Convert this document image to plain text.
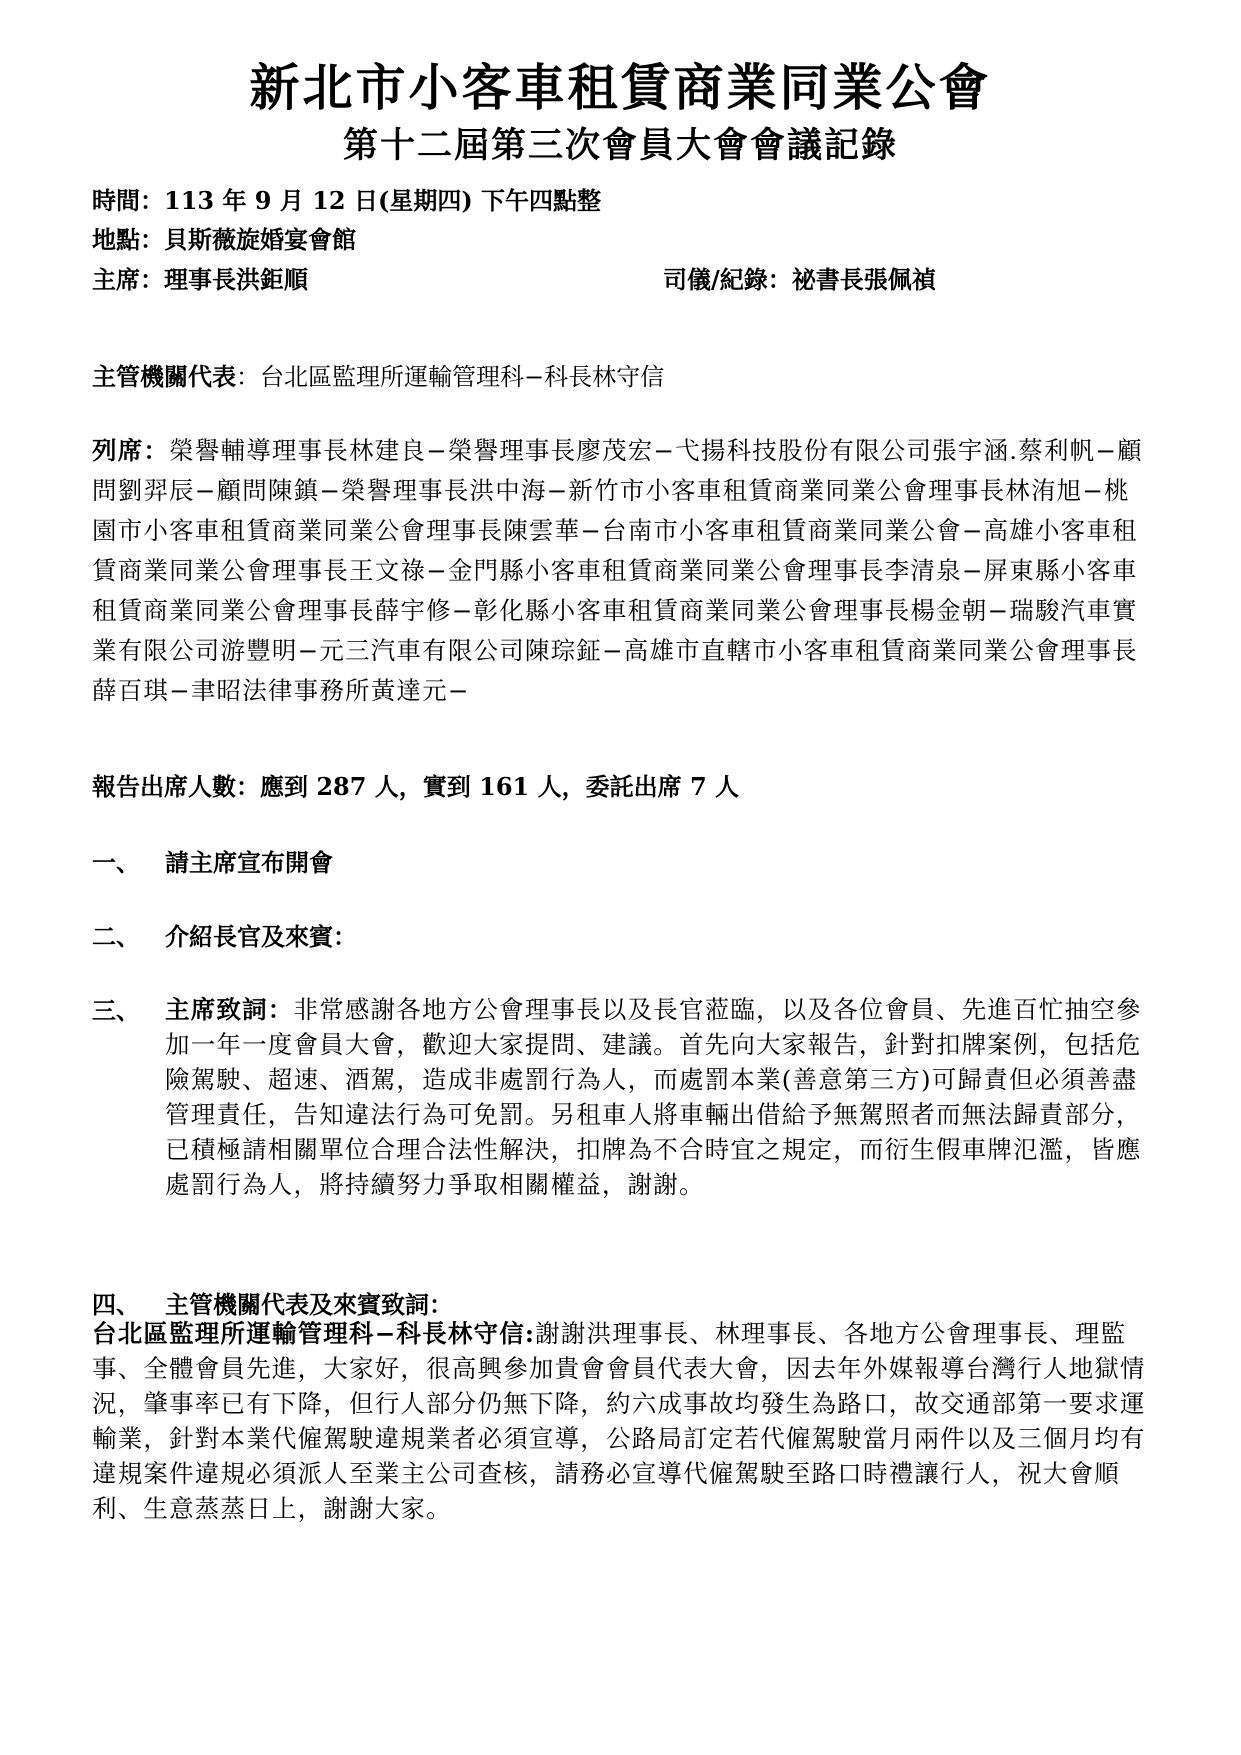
新北市小客車租賃商業同業公會
第十二屆第三次會員大會會議記錄
時間：113 年 9 月 12 日(星期四) 下午四點整
地點：貝斯薇旋婚宴會館
主席：理事長洪鉅順	司儀/紀錄：祕書長張佩禎
主管機關代表：台北區監理所運輸管理科−科長林守信
列席：榮譽輔導理事長林建良−榮譽理事長廖茂宏−弋揚科技股份有限公司張宇涵.蔡利帆−顧問劉羿辰−顧問陳鎮−榮譽理事長洪中海−新竹市小客車租賃商業同業公會理事長林洧旭−桃園市小客車租賃商業同業公會理事長陳雲華−台南市小客車租賃商業同業公會−高雄小客車租賃商業同業公會理事長王文祿−金門縣小客車租賃商業同業公會理事長李清泉−屏東縣小客車租賃商業同業公會理事長薛宇修−彰化縣小客車租賃商業同業公會理事長楊金朝−瑞駿汽車實業有限公司游豐明−元三汽車有限公司陳琮鉦−高雄市直轄市小客車租賃商業同業公會理事長薛百琪−聿昭法律事務所黃達元−
報告出席人數：應到 287 人，實到 161 人，委託出席 7 人
一、 請主席宣布開會
二、 介紹長官及來賓：
三、 主席致詞：非常感謝各地方公會理事長以及長官蒞臨，以及各位會員、先進百忙抽空參加一年一度會員大會，歡迎大家提問、建議。首先向大家報告，針對扣牌案例，包括危險駕駛、超速、酒駕，造成非處罰行為人，而處罰本業(善意第三方)可歸責但必須善盡管理責任，告知違法行為可免罰。另租車人將車輛出借給予無駕照者而無法歸責部分，已積極請相關單位合理合法性解決，扣牌為不合時宜之規定，而衍生假車牌氾濫，皆應處罰行為人，將持續努力爭取相關權益，謝謝。
四、 主管機關代表及來賓致詞：
台北區監理所運輸管理科−科長林守信:謝謝洪理事長、林理事長、各地方公會理事長、理監事、全體會員先進，大家好，很高興參加貴會會員代表大會，因去年外媒報導台灣行人地獄情況，肇事率已有下降，但行人部分仍無下降，約六成事故均發生為路口，故交通部第一要求運輸業，針對本業代僱駕駛違規業者必須宣導，公路局訂定若代僱駕駛當月兩件以及三個月均有違規案件違規必須派人至業主公司查核，請務必宣導代僱駕駛至路口時禮讓行人，祝大會順利、生意蒸蒸日上，謝謝大家。
